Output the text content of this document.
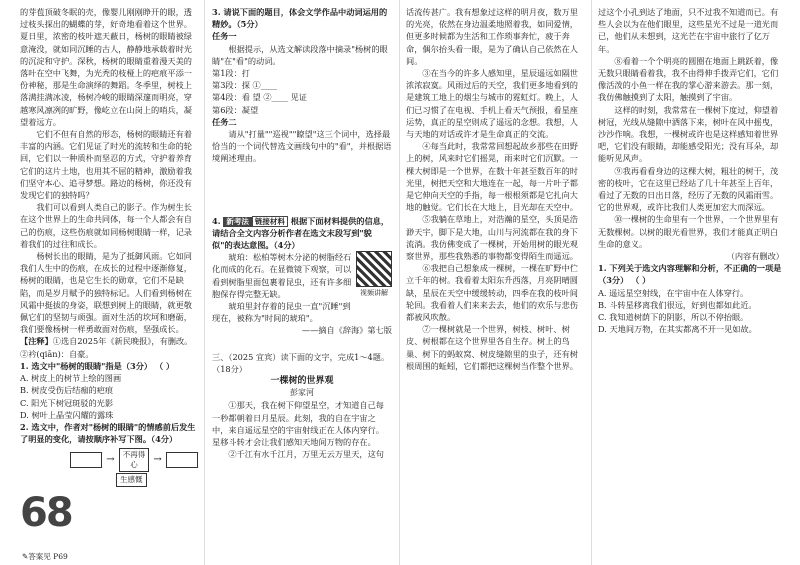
的芽苞顶破冬眠的壳，像婴儿刚刚睁开的眼，透过枝头探出的蝴蝶的芽，好奇地看着这个世界。夏日里，浓密的枝叶遮天蔽日，杨树的眼睛被绿意淹没，就如同沉睡的古人，静静地承载着时光的沉淀和守护。深秋，杨树的眼睛重着漫天美的落叶在空中飞舞，为光秃的枝桠上的疤痕平添一份神秘，那是生命演绎的舞蹈。冬季里，树枝上落满挂满冰凌，杨树冷峻的眼睛深邃而明亮，穿越寒风凛冽的旷野，像屹立在山岗上的哨兵，凝望着远方。

它们不但有自然的形态，杨树的眼睛还有着丰富的内涵。它们见证了时光的流转和生命的轮回，它们以一种质朴而坚忍的方式，守护着养育它们的这片土地，也用其不屈的精神，激励着我们坚守本心、追寻梦想。路边的杨树，你还没有发现它们的独特吗？

我们可以看到人类自己的影子。作为树生长在这个世界上的生命共同体，每一个人都会有自己的伤痕，这些伤痕就如同杨树眼睛一样，记录着我们的过往和成长。

杨树长出的眼睛，是为了抵御风雨。它如同我们人生中的伤痕，在成长的过程中逐渐修复，杨树的眼睛，也是它生长的勋章，它们不是缺陷，而是岁月赋予的独特标记。人们看到杨树在风霜中挺拔的身姿，联想到树上的眼睛，就更敬佩它们的坚韧与顽强。面对生活的坎坷和磨砺，我们要像杨树一样勇敢面对伤痕，坚强成长。

【注释】①选自2025年《新民晚报》，有删改。

②衿(qiān)：自豪。

1. 选文中"杨树的眼睛"指是（3分） （ ）

A. 树皮上的树节上绘的图画

B. 树皮受伤后结痂的疤痕

C. 阳光下树冠斑驳的光影

D. 树叶上晶莹闪耀的露珠

2. 选文中，作者对"杨树的眼睛"的情感前后发生了明显的变化，请按顺序补写下图。（4分）

→	不再得心	→
生感慨
68
✎答案见 P69

3. 请说下面的题目，体会文学作品中动词运用的精妙。（5分）

任务一

根据提示，从选文解读段落中摘录"杨树的眼睛"在"看"的动词。

第1段：打

第3段：探 ①____

第4段：看 望 ②____ 见证

第6段：凝望

任务二

请从"打量""巡视""瞭望"这三个词中，选择最恰当的一个词代替选文画线句中的"看"，并根据语境阐述理由。

4. 新考法 链接材料 根据下面材料提供的信息，请结合全文内容分析作者在选文末段写到"貌似"的表达意图。（4分）

琥珀：松柏等树木分泌的树脂经石化而成的化石。在显微镜下观察，可以看到树脂里面包裹着昆虫，还有许多细胞保存得完整无缺。

琥珀里封存着的昆虫一直"沉睡"到现在，被称为"时间的琥珀"。

视频讲解

——摘自《辞海》第七版

三、（2025 宜宾）读下面的文字，完成1～4题。（18分）

一棵树的世界观

彭家河

①那天，我在树下仰望星空，才知道自己每一秒都朝着日月星辰。此刻，我的自在宇宙之中，来自遥远星空的宇宙射线正在人体内穿行。星移斗转才会让我们感知天地间万物的存在。

②千江有水千江月，万里无云万里天，这句

话流传甚广。我有想象过这样的明月夜，数万里的光亮，依然在身边温柔地照着我，如同爱情，但更多时候都为生活和工作琐事奔忙，疲于奔命，偶尔抬头看一眼，是为了确认自己依然在人间。

③在当今的许多人感知里，星辰遥远如隔世浓浓寂寞。风雨过后的天空，我们更多地看到的是建筑工地上的烟尘与城市的霓虹灯。晚上，人们已习惯了在电视、手机上看天气预报，看星座运势，真正的星空则成了遥远的念想。我想，人与天地的对话或许才是生命真正的交流。

④每当此时，我常常回想起故乡那些在田野上的树，风来时它们摇晃，雨来时它们沉默。一棵大树即是一个世界，在数十年甚至数百年的时光里，树把天空和大地连在一起，每一片叶子都是它伸向天空的手指，每一根根须都是它扎向大地的触觉。它们长在大地上，目光却在天空中。

⑤我躺在草地上，对浩瀚的星空，头顶是浩渺天宇，脚下是大地，山川与河流都在我的身下流淌。我仿佛变成了一棵树，开始用树的眼光观察世界，那些我熟悉的事物都变得陌生而遥远。

⑥我把自己想象成一棵树，一棵在旷野中伫立千年的树。我看着太阳东升西落，月亮阴晴圆缺，星辰在天空中缓缓转动，四季在我的枝叶间轮回。我看着人们来来去去，他们的欢乐与悲伤都被风吹散。

⑦一棵树就是一个世界，树枝、树叶、树皮、树根都在这个世界里各自生存。树上的鸟巢、树下的蚂蚁窝、树皮缝隙里的虫子，还有树根周围的蚯蚓，它们都把这棵树当作整个世界。

过这个小孔到达了地面，只不过我不知道而已。有些人会以为在他们眼里，这些星光不过是一道光而已，他们从未想到，这光芒在宇宙中旅行了亿万年。

⑧看着一个个明亮的圆圈在地面上跳跃着，像无数只眼睛看着我，我不由得伸手拨弄它们，它们像活泼的小鱼一样在我的掌心游来游去。那一刻，我仿佛触摸到了太阳，触摸到了宇宙。

这样的时刻，我常常在一棵树下度过，仰望着树冠，光线从缝隙中洒落下来，树叶在风中摇曳，沙沙作响。我想，一棵树或许也是这样感知着世界吧，它们没有眼睛，却能感受阳光；没有耳朵，却能听见风声。

⑨我再看看身边的这棵大树，粗壮的树干，茂密的枝叶，它在这里已经站了几十年甚至上百年，看过了无数的日出日落，经历了无数的风霜雨雪。它的世界观，或许比我们人类更加宏大而深远。

⑩一棵树的生命里有一个世界，一个世界里有无数棵树。以树的眼光看世界，我们才能真正明白生命的意义。

（内容有删改）

1. 下列关于选文内容理解和分析，不正确的一项是（3分） （ ）

A. 遥远星空射线，在宇宙中在人体穿行。

B. 斗转星移离我们很远，好到也都如此近。

C. 我知道树荫下的阴影，所以不停抬眼。

D. 天地间万物，在其实都离不开一见如故。
